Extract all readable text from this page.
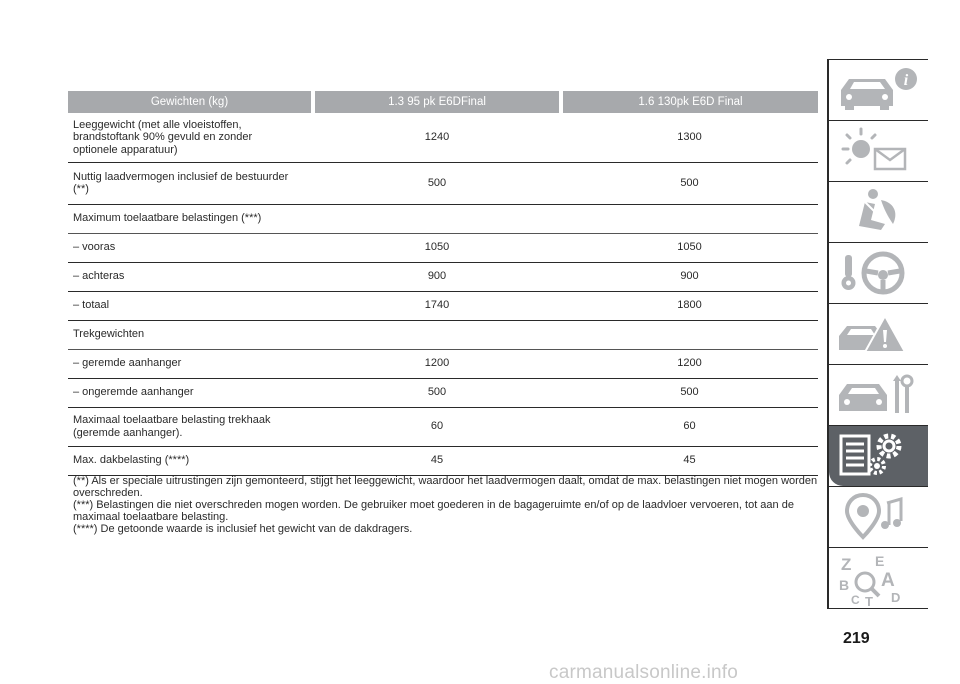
Gewichten (kg)	1.3 95 pk E6DFinal	1.6 130pk E6D Final
Leeggewicht (met alle vloeistoffen,
brandstoftank 90% gevuld en zonder
optionele apparatuur)	1240	1300
Nuttig laadvermogen inclusief de bestuurder
(**)	500	500
Maximum toelaatbare belastingen (***)		
– vooras	1050	1050
– achteras	900	900
– totaal	1740	1800
Trekgewichten		
– geremde aanhanger	1200	1200
– ongeremde aanhanger	500	500
Maximaal toelaatbare belasting trekhaak
(geremde aanhanger).	60	60
Max. dakbelasting (****)	45	45

(**) Als er speciale uitrustingen zijn gemonteerd, stijgt het leeggewicht, waardoor het laadvermogen daalt, omdat de max. belastingen niet mogen worden overschreden.

(***) Belastingen die niet overschreden mogen worden. De gebruiker moet goederen in de bagageruimte en/of op de laadvloer vervoeren, tot aan de maximaal toelaatbare belasting.

(****) De getoonde waarde is inclusief het gewicht van de dakdragers.

i
Z E
A
B
C D
T
219
carmanualsonline.info
